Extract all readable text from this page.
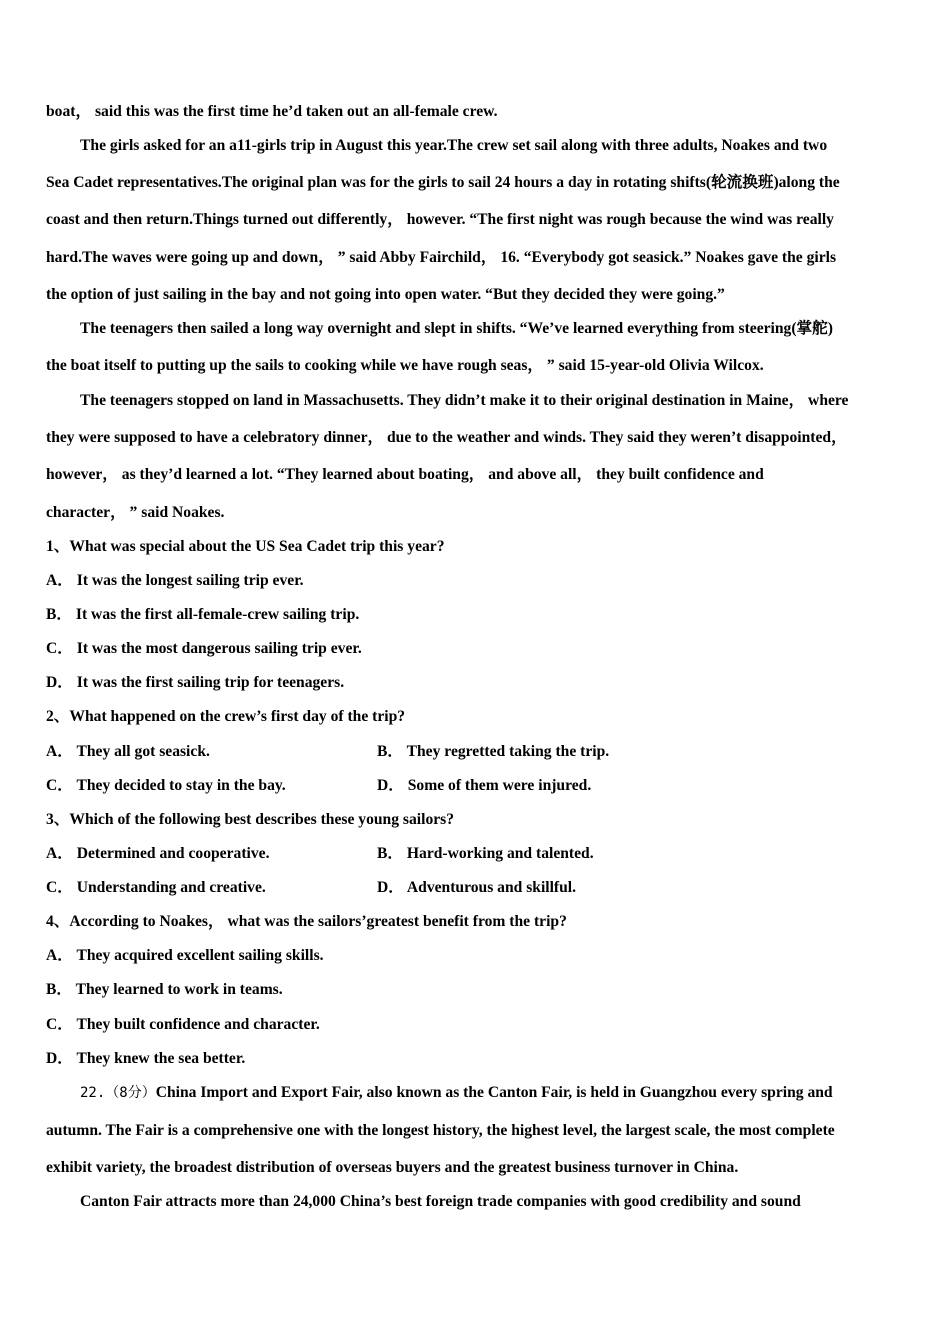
boat， said this was the first time he’d taken out an all-female crew.
The girls asked for an a11-girls trip in August this year.The crew set sail along with three adults, Noakes and two
Sea Cadet representatives.The original plan was for the girls to sail 24 hours a day in rotating shifts(轮流换班)along the
coast and then return.Things turned out differently， however. “The first night was rough because the wind was really
hard.The waves were going up and down， ” said Abby Fairchild， 16. “Everybody got seasick.” Noakes gave the girls
the option of just sailing in the bay and not going into open water. “But they decided they were going.”
The teenagers then sailed a long way overnight and slept in shifts. “We’ve learned everything from steering(掌舵)
the boat itself to putting up the sails to cooking while we have rough seas， ” said 15-year-old Olivia Wilcox.
The teenagers stopped on land in Massachusetts. They didn’t make it to their original destination in Maine， where
they were supposed to have a celebratory dinner， due to the weather and winds. They said they weren’t disappointed，
however， as they’d learned a lot. “They learned about boating， and above all， they built confidence and
character， ” said Noakes.
1、What was special about the US Sea Cadet trip this year?
A． It was the longest sailing trip ever.
B． It was the first all-female-crew sailing trip.
C． It was the most dangerous sailing trip ever.
D． It was the first sailing trip for teenagers.
2、What happened on the crew’s first day of the trip?
A． They all got seasick.	B． They regretted taking the trip.
C． They decided to stay in the bay.	D． Some of them were injured.
3、Which of the following best describes these young sailors?
A． Determined and cooperative.	B． Hard-working and talented.
C． Understanding and creative.	D． Adventurous and skillful.
4、According to Noakes， what was the sailors’greatest benefit from the trip?
A． They acquired excellent sailing skills.
B． They learned to work in teams.
C． They built confidence and character.
D． They knew the sea better.
22.（8分）China Import and Export Fair, also known as the Canton Fair, is held in Guangzhou every spring and
autumn. The Fair is a comprehensive one with the longest history, the highest level, the largest scale, the most complete
exhibit variety, the broadest distribution of overseas buyers and the greatest business turnover in China.
Canton Fair attracts more than 24,000 China’s best foreign trade companies with good credibility and sound
